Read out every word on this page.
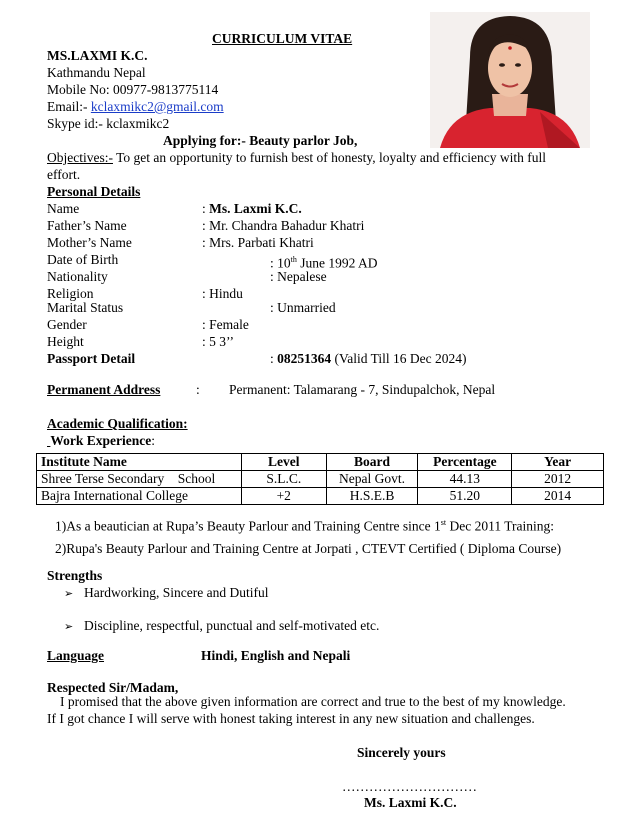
CURRICULUM VITAE
MS.LAXMI K.C.
Kathmandu Nepal
Mobile No: 00977-9813775114
Email:- kclaxmikc2@gmail.com
Skype id:- kclaxmikc2
Applying for:- Beauty parlor Job,
Objectives:- To get an opportunity to furnish best of honesty, loyalty and efficiency with full
effort.
Personal Details
Name	: Ms. Laxmi K.C.
Father’s Name	: Mr. Chandra Bahadur Khatri
Mother’s Name	: Mrs. Parbati Khatri
Date of Birth	: 10th June 1992 AD
Nationality	: Nepalese
Religion	: Hindu
Marital Status	: Unmarried
Gender	: Female
Height	: 5 3’’
Passport Detail	: 08251364 (Valid Till 16 Dec 2024)
Permanent Address	: Permanent: Talamarang - 7, Sindupalchok, Nepal
Academic Qualification:
Work Experience:
Institute Name	Level	Board	Percentage	Year
Shree Terse Secondary    School	S.L.C.	Nepal Govt.	44.13	2012
Bajra International College	+2	H.S.E.B	51.20	2014
1)As a beautician at Rupa’s Beauty Parlour and Training Centre since 1st Dec 2011 Training:
2)Rupa's Beauty Parlour and Training Centre at Jorpati , CTEVT Certified ( Diploma Course)
Strengths
➢ Hardworking, Sincere and Dutiful
➢ Discipline, respectful, punctual and self-motivated etc.
Language	Hindi, English and Nepali
Respected Sir/Madam,
I promised that the above given information are correct and true to the best of my knowledge.
If I got chance I will serve with honest taking interest in any new situation and challenges.
Sincerely yours
…………………………
Ms. Laxmi K.C.
